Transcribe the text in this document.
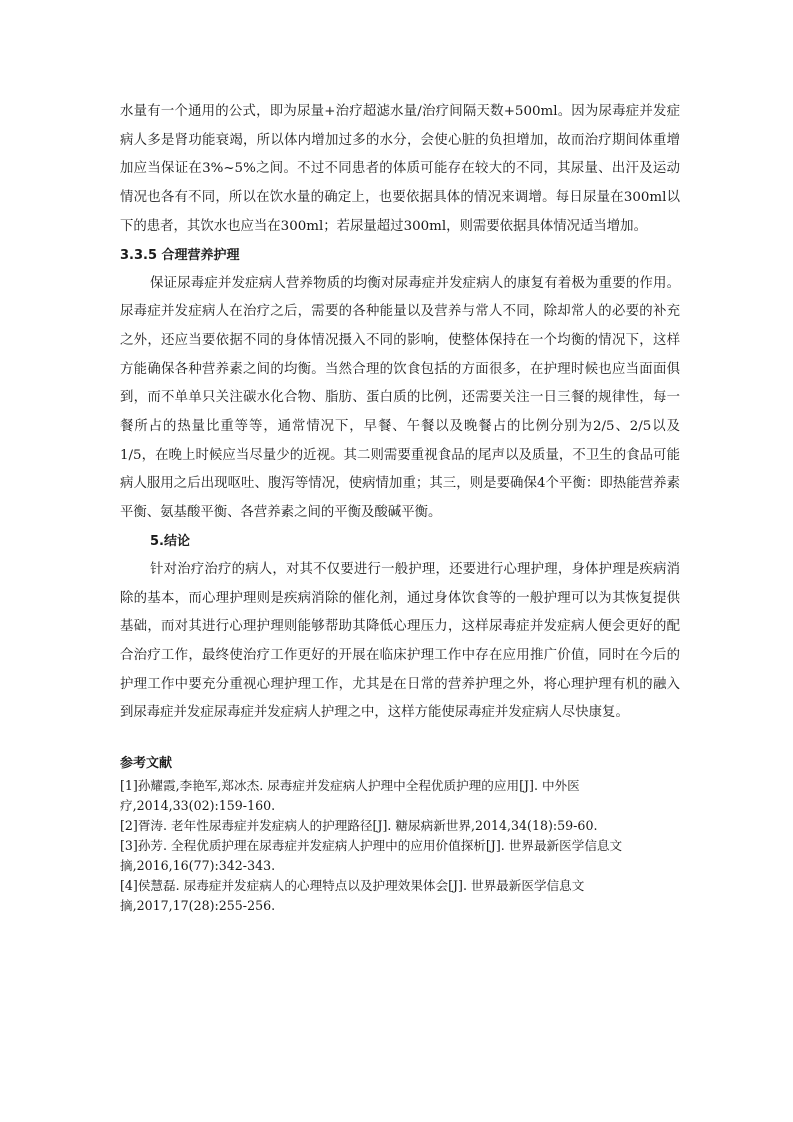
水量有一个通用的公式，即为尿量+治疗超滤水量/治疗间隔天数+500ml。因为尿毒症并发症病人多是肾功能衰竭，所以体内增加过多的水分，会使心脏的负担增加，故而治疗期间体重增加应当保证在3%~5%之间。不过不同患者的体质可能存在较大的不同，其尿量、出汗及运动情况也各有不同，所以在饮水量的确定上，也要依据具体的情况来调增。每日尿量在300ml以下的患者，其饮水也应当在300ml；若尿量超过300ml，则需要依据具体情况适当增加。

3.3.5 合理营养护理

保证尿毒症并发症病人营养物质的均衡对尿毒症并发症病人的康复有着极为重要的作用。尿毒症并发症病人在治疗之后，需要的各种能量以及营养与常人不同，除却常人的必要的补充之外，还应当要依据不同的身体情况摄入不同的影响，使整体保持在一个均衡的情况下，这样方能确保各种营养素之间的均衡。当然合理的饮食包括的方面很多，在护理时候也应当面面俱到，而不单单只关注碳水化合物、脂肪、蛋白质的比例，还需要关注一日三餐的规律性，每一餐所占的热量比重等等，通常情况下，早餐、午餐以及晚餐占的比例分别为2/5、2/5以及1/5，在晚上时候应当尽量少的近视。其二则需要重视食品的尾声以及质量，不卫生的食品可能病人服用之后出现呕吐、腹泻等情况，使病情加重；其三，则是要确保4个平衡：即热能营养素平衡、氨基酸平衡、各营养素之间的平衡及酸碱平衡。

5.结论

针对治疗治疗的病人，对其不仅要进行一般护理，还要进行心理护理，身体护理是疾病消除的基本，而心理护理则是疾病消除的催化剂，通过身体饮食等的一般护理可以为其恢复提供基础，而对其进行心理护理则能够帮助其降低心理压力，这样尿毒症并发症病人便会更好的配合治疗工作，最终使治疗工作更好的开展在临床护理工作中存在应用推广价值，同时在今后的护理工作中要充分重视心理护理工作，尤其是在日常的营养护理之外，将心理护理有机的融入到尿毒症并发症尿毒症并发症病人护理之中，这样方能使尿毒症并发症病人尽快康复。

参考文献

[1]孙耀霞,李艳军,郑冰杰. 尿毒症并发症病人护理中全程优质护理的应用[J]. 中外医疗,2014,33(02):159-160.

[2]胥涛. 老年性尿毒症并发症病人的护理路径[J]. 糖尿病新世界,2014,34(18):59-60.

[3]孙芳. 全程优质护理在尿毒症并发症病人护理中的应用价值探析[J]. 世界最新医学信息文摘,2016,16(77):342-343.

[4]侯慧磊. 尿毒症并发症病人的心理特点以及护理效果体会[J]. 世界最新医学信息文摘,2017,17(28):255-256.
